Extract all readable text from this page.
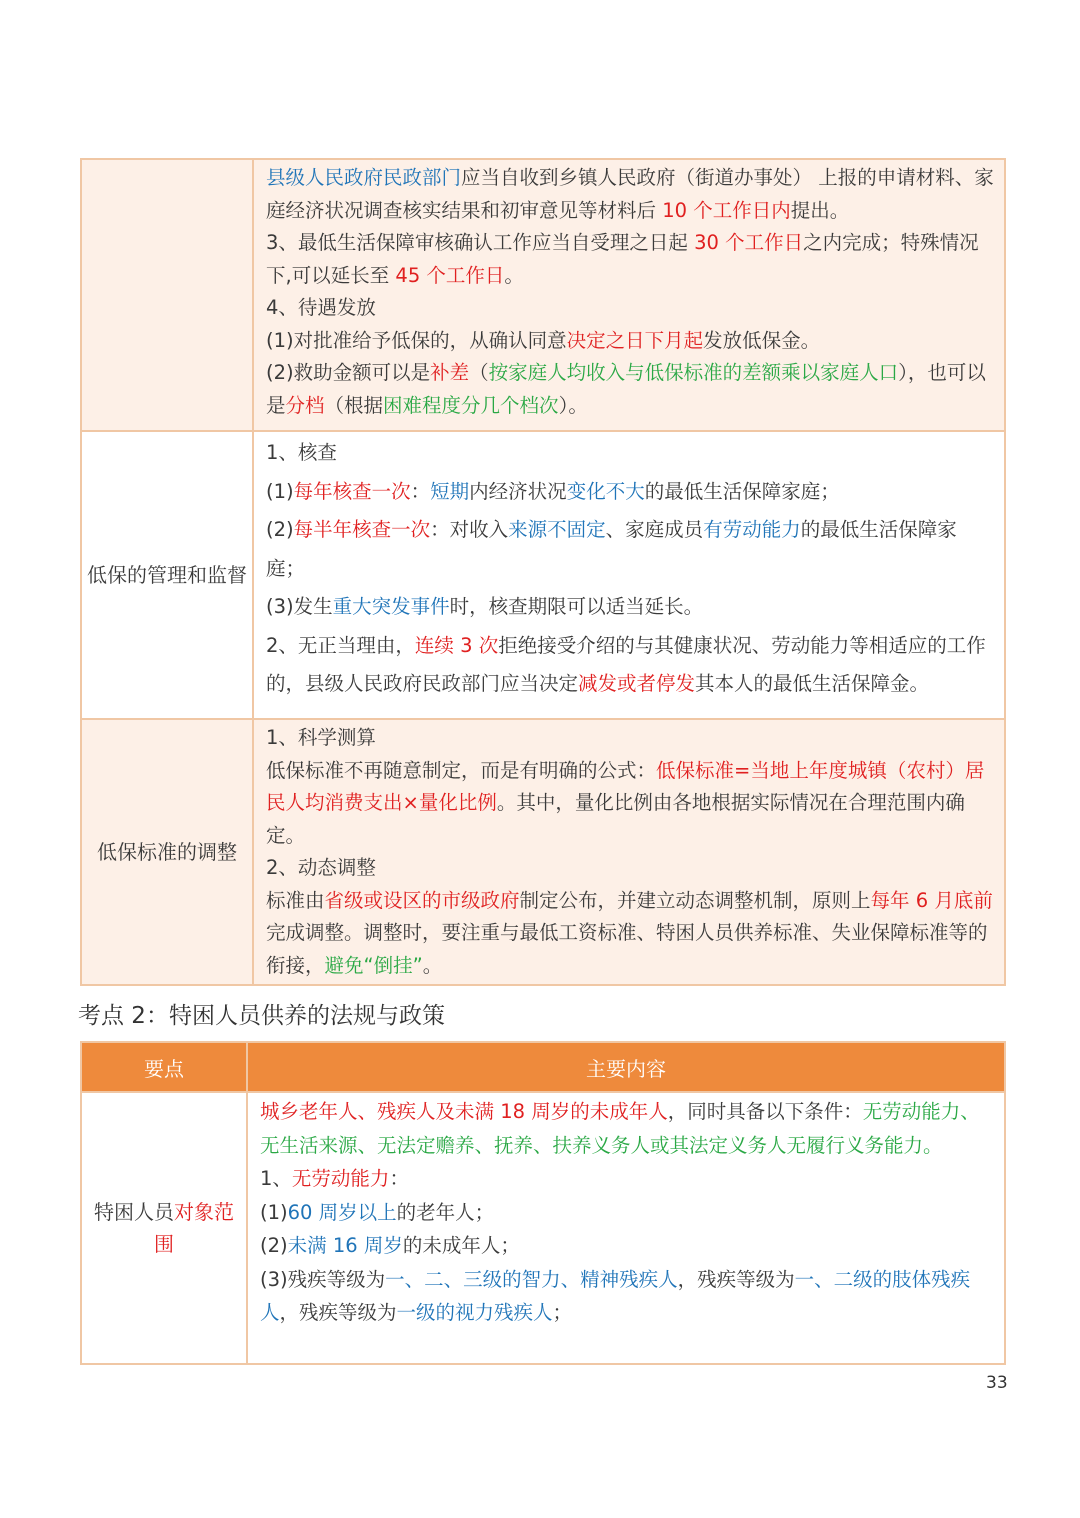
	县级人民政府民政部门应当自收到乡镇人民政府（街道办事处） 上报的申请材料、家庭经济状况调查核实结果和初审意见等材料后 10 个工作日内提出。

3、最低生活保障审核确认工作应当自受理之日起 30 个工作日之内完成；特殊情况下,可以延长至 45 个工作日。

4、待遇发放

(1)对批准给予低保的，从确认同意决定之日下月起发放低保金。

(2)救助金额可以是补差（按家庭人均收入与低保标准的差额乘以家庭人口），也可以是分档（根据困难程度分几个档次）。

低保的管理和监督	1、核查

(1)每年核查一次：短期内经济状况变化不大的最低生活保障家庭；

(2)每半年核查一次：对收入来源不固定、家庭成员有劳动能力的最低生活保障家庭；

(3)发生重大突发事件时，核查期限可以适当延长。

2、无正当理由，连续 3 次拒绝接受介绍的与其健康状况、劳动能力等相适应的工作的，县级人民政府民政部门应当决定减发或者停发其本人的最低生活保障金。

低保标准的调整	1、科学测算

低保标准不再随意制定，而是有明确的公式：低保标准=当地上年度城镇（农村）居民人均消费支出×量化比例。其中，量化比例由各地根据实际情况在合理范围内确定。

2、动态调整

标准由省级或设区的市级政府制定公布，并建立动态调整机制，原则上每年 6 月底前完成调整。调整时，要注重与最低工资标准、特困人员供养标准、失业保障标准等的衔接，避免“倒挂”。

考点 2：特困人员供养的法规与政策

要点	主要内容
特困人员对象范围	城乡老年人、残疾人及未满 18 周岁的未成年人，同时具备以下条件：无劳动能力、无生活来源、无法定赡养、抚养、扶养义务人或其法定义务人无履行义务能力。

1、无劳动能力：

(1)60 周岁以上的老年人；

(2)未满 16 周岁的未成年人；

(3)残疾等级为一、二、三级的智力、精神残疾人，残疾等级为一、二级的肢体残疾人，残疾等级为一级的视力残疾人；

33
